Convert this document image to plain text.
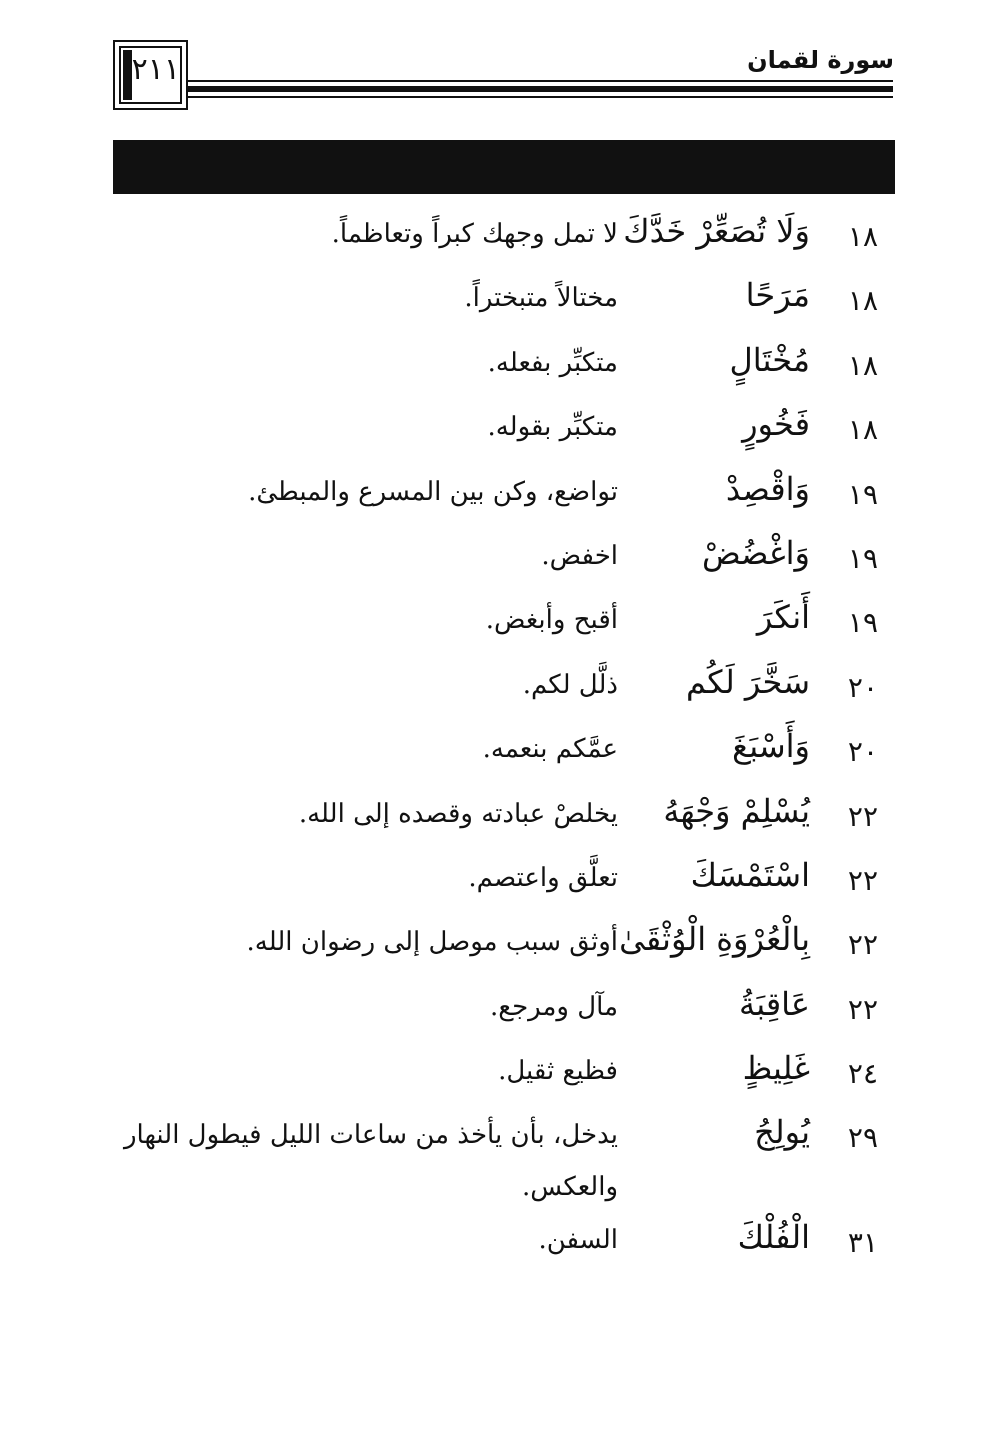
٢١١	سورة لقمان
١٨
وَلَا تُصَعِّرْ خَدَّكَ
لا تمل وجهك كبراً وتعاظماً.
١٨
مَرَحًا
مختالاً متبختراً.
١٨
مُخْتَالٍ
متكبِّر بفعله.
١٨
فَخُورٍ
متكبِّر بقوله.
١٩
وَاقْصِدْ
تواضع، وكن بين المسرع والمبطئ.
١٩
وَاغْضُضْ
اخفض.
١٩
أَنكَرَ
أقبح وأبغض.
٢٠
سَخَّرَ لَكُم
ذلَّل لكم.
٢٠
وَأَسْبَغَ
عمَّكم بنعمه.
٢٢
يُسْلِمْ وَجْهَهُ
يخلصْ عبادته وقصده إلى الله.
٢٢
اسْتَمْسَكَ
تعلَّق واعتصم.
٢٢
بِالْعُرْوَةِ الْوُثْقَىٰ
أوثق سبب موصل إلى رضوان الله.
٢٢
عَاقِبَةُ
مآل ومرجع.
٢٤
غَلِيظٍ
فظيع ثقيل.
٢٩
يُولِجُ
يدخل، بأن يأخذ من ساعات الليل فيطول النهار والعكس.
٣١
الْفُلْكَ
السفن.
